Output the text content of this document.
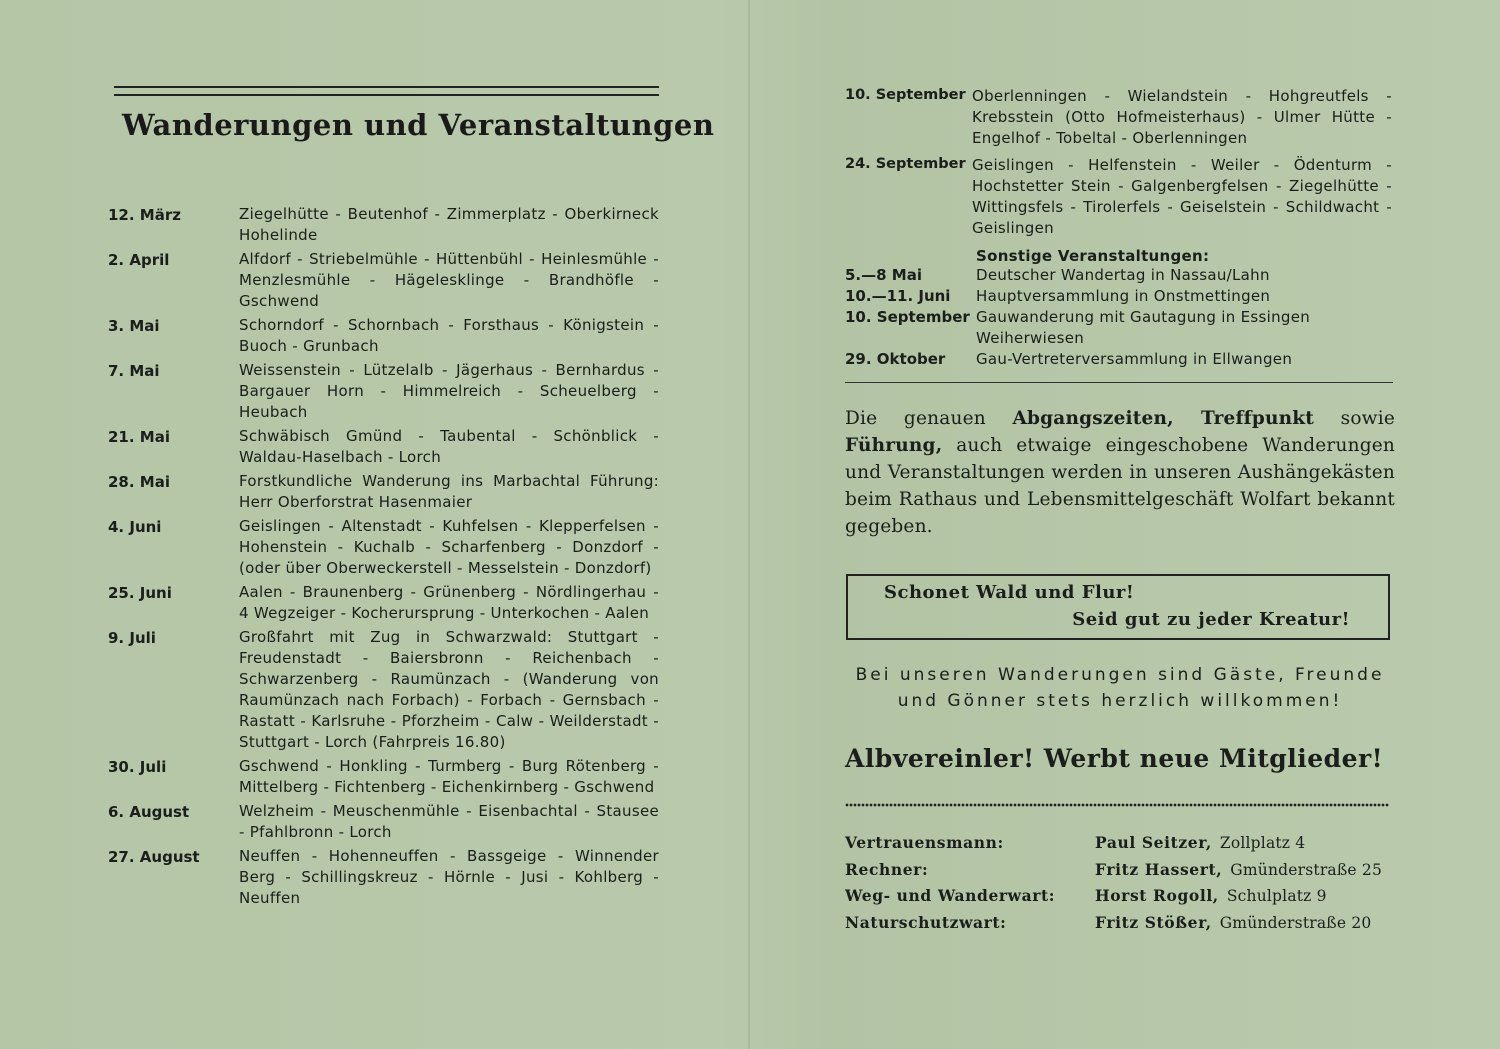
Wanderungen und Veranstaltungen
12. März	Ziegelhütte - Beutenhof - Zimmerplatz - Oberkirneck Hohelinde
2. April	Alfdorf - Striebelmühle - Hüttenbühl - Heinlesmühle - Menzlesmühle - Hägelesklinge - Brandhöfle - Gschwend
3. Mai	Schorndorf - Schornbach - Forsthaus - Königstein - Buoch - Grunbach
7. Mai	Weissenstein - Lützelalb - Jägerhaus - Bernhardus - Bargauer Horn - Himmelreich - Scheuelberg - Heubach
21. Mai	Schwäbisch Gmünd - Taubental - Schönblick - Waldau-Haselbach - Lorch
28. Mai	Forstkundliche Wanderung ins Marbachtal Führung: Herr Oberforstrat Hasenmaier
4. Juni	Geislingen - Altenstadt - Kuhfelsen - Klepperfelsen - Hohenstein - Kuchalb - Scharfenberg - Donzdorf - (oder über Oberweckerstell - Messelstein - Donzdorf)
25. Juni	Aalen - Braunenberg - Grünenberg - Nördlingerhau - 4 Wegzeiger - Kocherursprung - Unterkochen - Aalen
9. Juli	Großfahrt mit Zug in Schwarzwald: Stuttgart - Freudenstadt - Baiersbronn - Reichenbach - Schwarzenberg - Raumünzach - (Wanderung von Raumünzach nach Forbach) - Forbach - Gernsbach - Rastatt - Karlsruhe - Pforzheim - Calw - Weilderstadt - Stuttgart - Lorch (Fahrpreis 16.80)
30. Juli	Gschwend - Honkling - Turmberg - Burg Rötenberg - Mittelberg - Fichtenberg - Eichenkirnberg - Gschwend
6. August	Welzheim - Meuschenmühle - Eisenbachtal - Stausee - Pfahlbronn - Lorch
27. August	Neuffen - Hohenneuffen - Bassgeige - Winnender Berg - Schillingskreuz - Hörnle - Jusi - Kohlberg - Neuffen
10. September Oberlenningen - Wielandstein - Hohgreutfels - Krebsstein (Otto Hofmeisterhaus) - Ulmer Hütte - Engelhof - Tobeltal - Oberlenningen
24. September Geislingen - Helfenstein - Weiler - Ödenturm - Hochstetter Stein - Galgenbergfelsen - Ziegelhütte - Wittingsfels - Tirolerfels - Geiselstein - Schildwacht - Geislingen
Sonstige Veranstaltungen:
5.—8 Mai	Deutscher Wandertag in Nassau/Lahn
10.—11. Juni	Hauptversammlung in Onstmettingen
10. September Gauwanderung mit Gautagung in Essingen Weiherwiesen
29. Oktober	Gau-Vertreterversammlung in Ellwangen
Die genauen Abgangszeiten, Treffpunkt sowie Führung, auch etwaige eingeschobene Wanderungen und Veranstaltungen werden in unseren Aushängekästen beim Rathaus und Lebensmittelgeschäft Wolfart bekannt gegeben.
Schonet Wald und Flur!
Seid gut zu jeder Kreatur!
Bei unseren Wanderungen sind Gäste, Freunde
und Gönner stets herzlich willkommen!
Albvereinler! Werbt neue Mitglieder!
Vertrauensmann:	Paul Seitzer, Zollplatz 4
Rechner:	Fritz Hassert, Gmünderstraße 25
Weg- und Wanderwart:	Horst Rogoll, Schulplatz 9
Naturschutzwart:	Fritz Stößer, Gmünderstraße 20
